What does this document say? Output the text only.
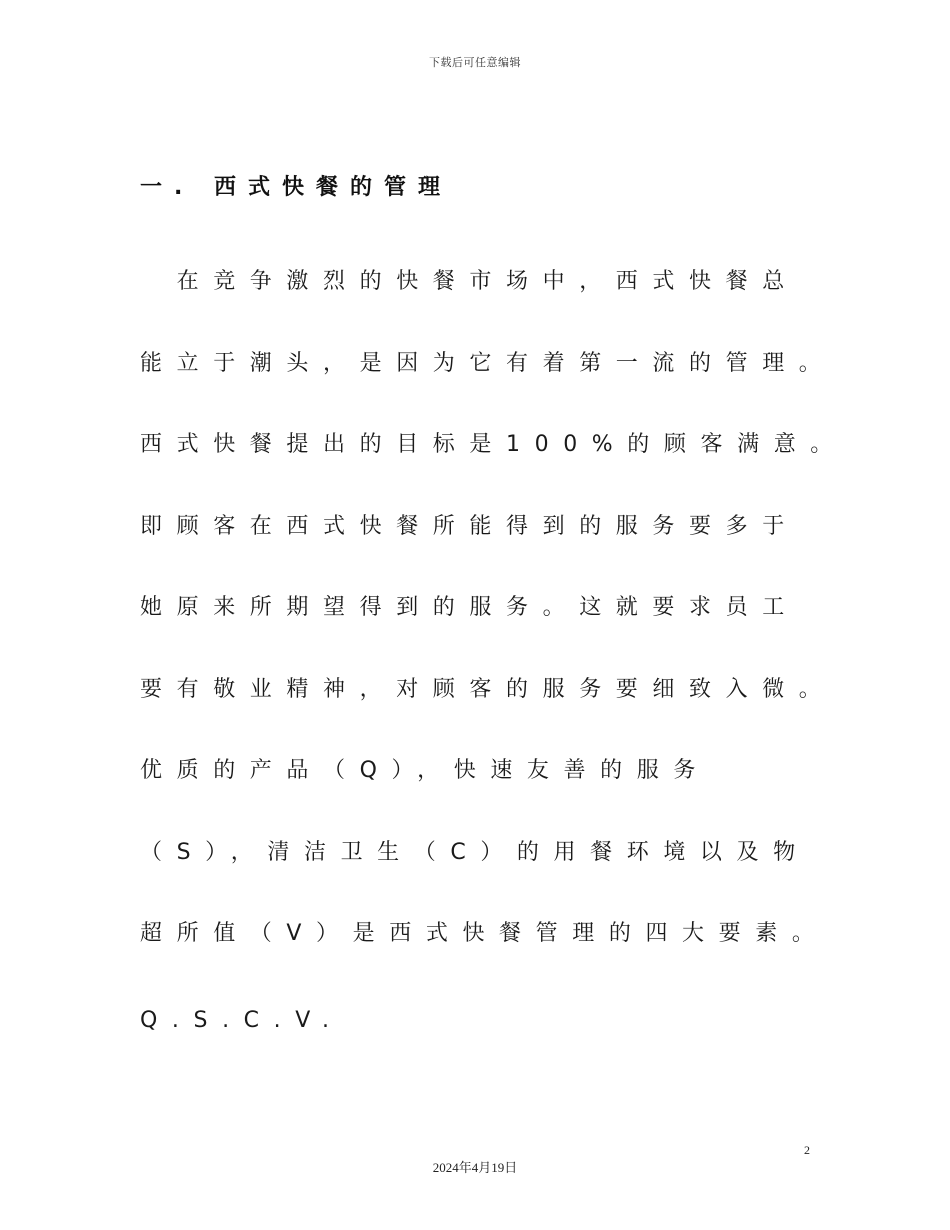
下载后可任意编辑
一. 西式快餐的管理
　在竞争激烈的快餐市场中，西式快餐总
能立于潮头，是因为它有着第一流的管理。
西式快餐提出的目标是100%的顾客满意。
即顾客在西式快餐所能得到的服务要多于
她原来所期望得到的服务。这就要求员工
要有敬业精神，对顾客的服务要细致入微。
优质的产品（Q），快速友善的服务
（S），清洁卫生（C）的用餐环境以及物
超所值（V）是西式快餐管理的四大要素。
Q.S.C.V.
2
2024年4月19日
